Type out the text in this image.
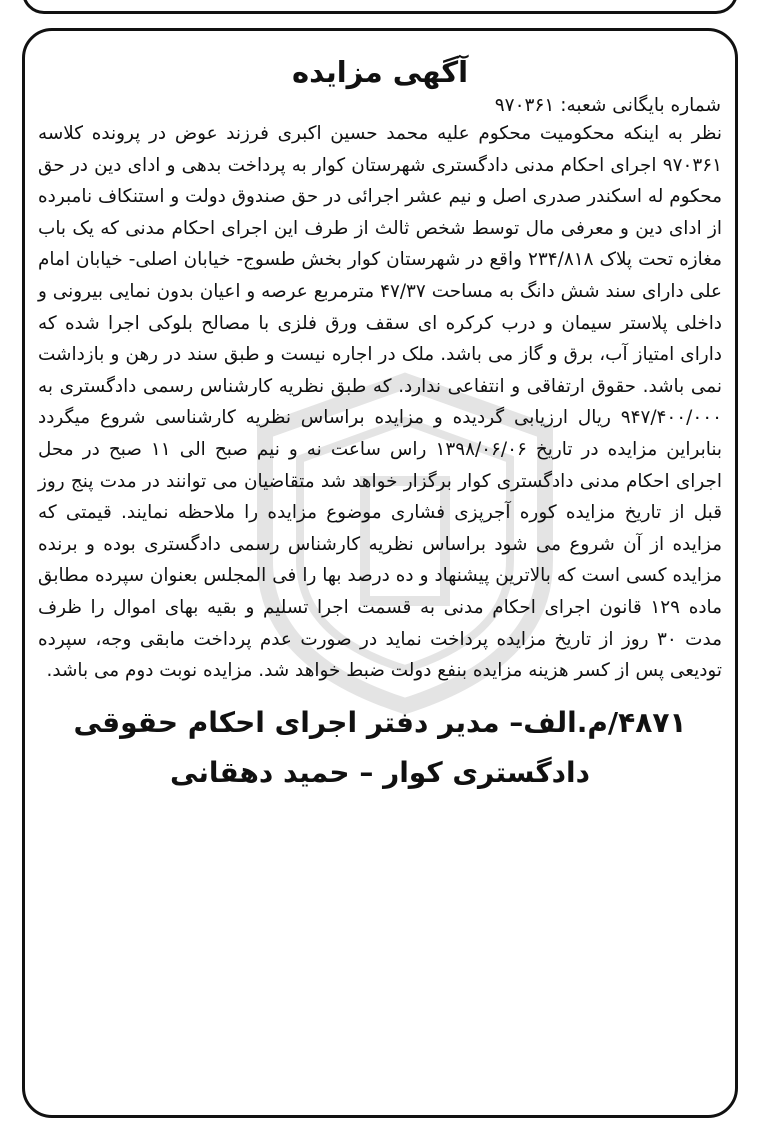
آگهی مزایده
شماره بایگانی شعبه: ۹۷۰۳۶۱
نظر به اینکه محکومیت محکوم علیه محمد حسین اکبری فرزند عوض در پرونده کلاسه ۹۷۰۳۶۱ اجرای احکام مدنی دادگستری شهرستان کوار به پرداخت بدهی و ادای دین در حق محکوم له اسکندر صدری اصل و نیم عشر اجرائی در حق صندوق دولت و استنکاف نامبرده از ادای دین و معرفی مال توسط شخص ثالث از طرف این اجرای احکام مدنی که یک باب مغازه تحت پلاک ۲۳۴/۸۱۸ واقع در شهرستان کوار بخش طسوج- خیابان اصلی- خیابان امام علی دارای سند شش دانگ به مساحت ۴۷/۳۷ مترمربع عرصه و اعیان بدون نمایی بیرونی و داخلی پلاستر سیمان و درب کرکره ای سقف ورق فلزی با مصالح بلوکی اجرا شده که دارای امتیاز آب، برق و گاز می باشد. ملک در اجاره نیست و طبق سند در رهن و بازداشت نمی باشد. حقوق ارتفاقی و انتفاعی ندارد. که طبق نظریه کارشناس رسمی دادگستری به ۹۴۷/۴۰۰/۰۰۰ ریال ارزیابی گردیده و مزایده براساس نظریه کارشناسی شروع میگردد بنابراین مزایده در تاریخ ۱۳۹۸/۰۶/۰۶ راس ساعت نه و نیم صبح الی ۱۱ صبح در محل اجرای احکام مدنی دادگستری کوار برگزار خواهد شد متقاضیان می توانند در مدت پنج روز قبل از تاریخ مزایده کوره آجرپزی فشاری موضوع مزایده را ملاحظه نمایند. قیمتی که مزایده از آن شروع می شود براساس نظریه کارشناس رسمی دادگستری بوده و برنده مزایده کسی است که بالاترین پیشنهاد و ده درصد بها را فی المجلس بعنوان سپرده مطابق ماده ۱۲۹ قانون اجرای احکام مدنی به قسمت اجرا تسلیم و بقیه بهای اموال را ظرف مدت ۳۰ روز از تاریخ مزایده پرداخت نماید در صورت عدم پرداخت مابقی وجه، سپرده تودیعی پس از کسر هزینه مزایده بنفع دولت ضبط خواهد شد. مزایده نوبت دوم می باشد.
۴۸۷۱/م.الف– مدیر دفتر اجرای احکام حقوقی
دادگستری کوار – حمید دهقانی
